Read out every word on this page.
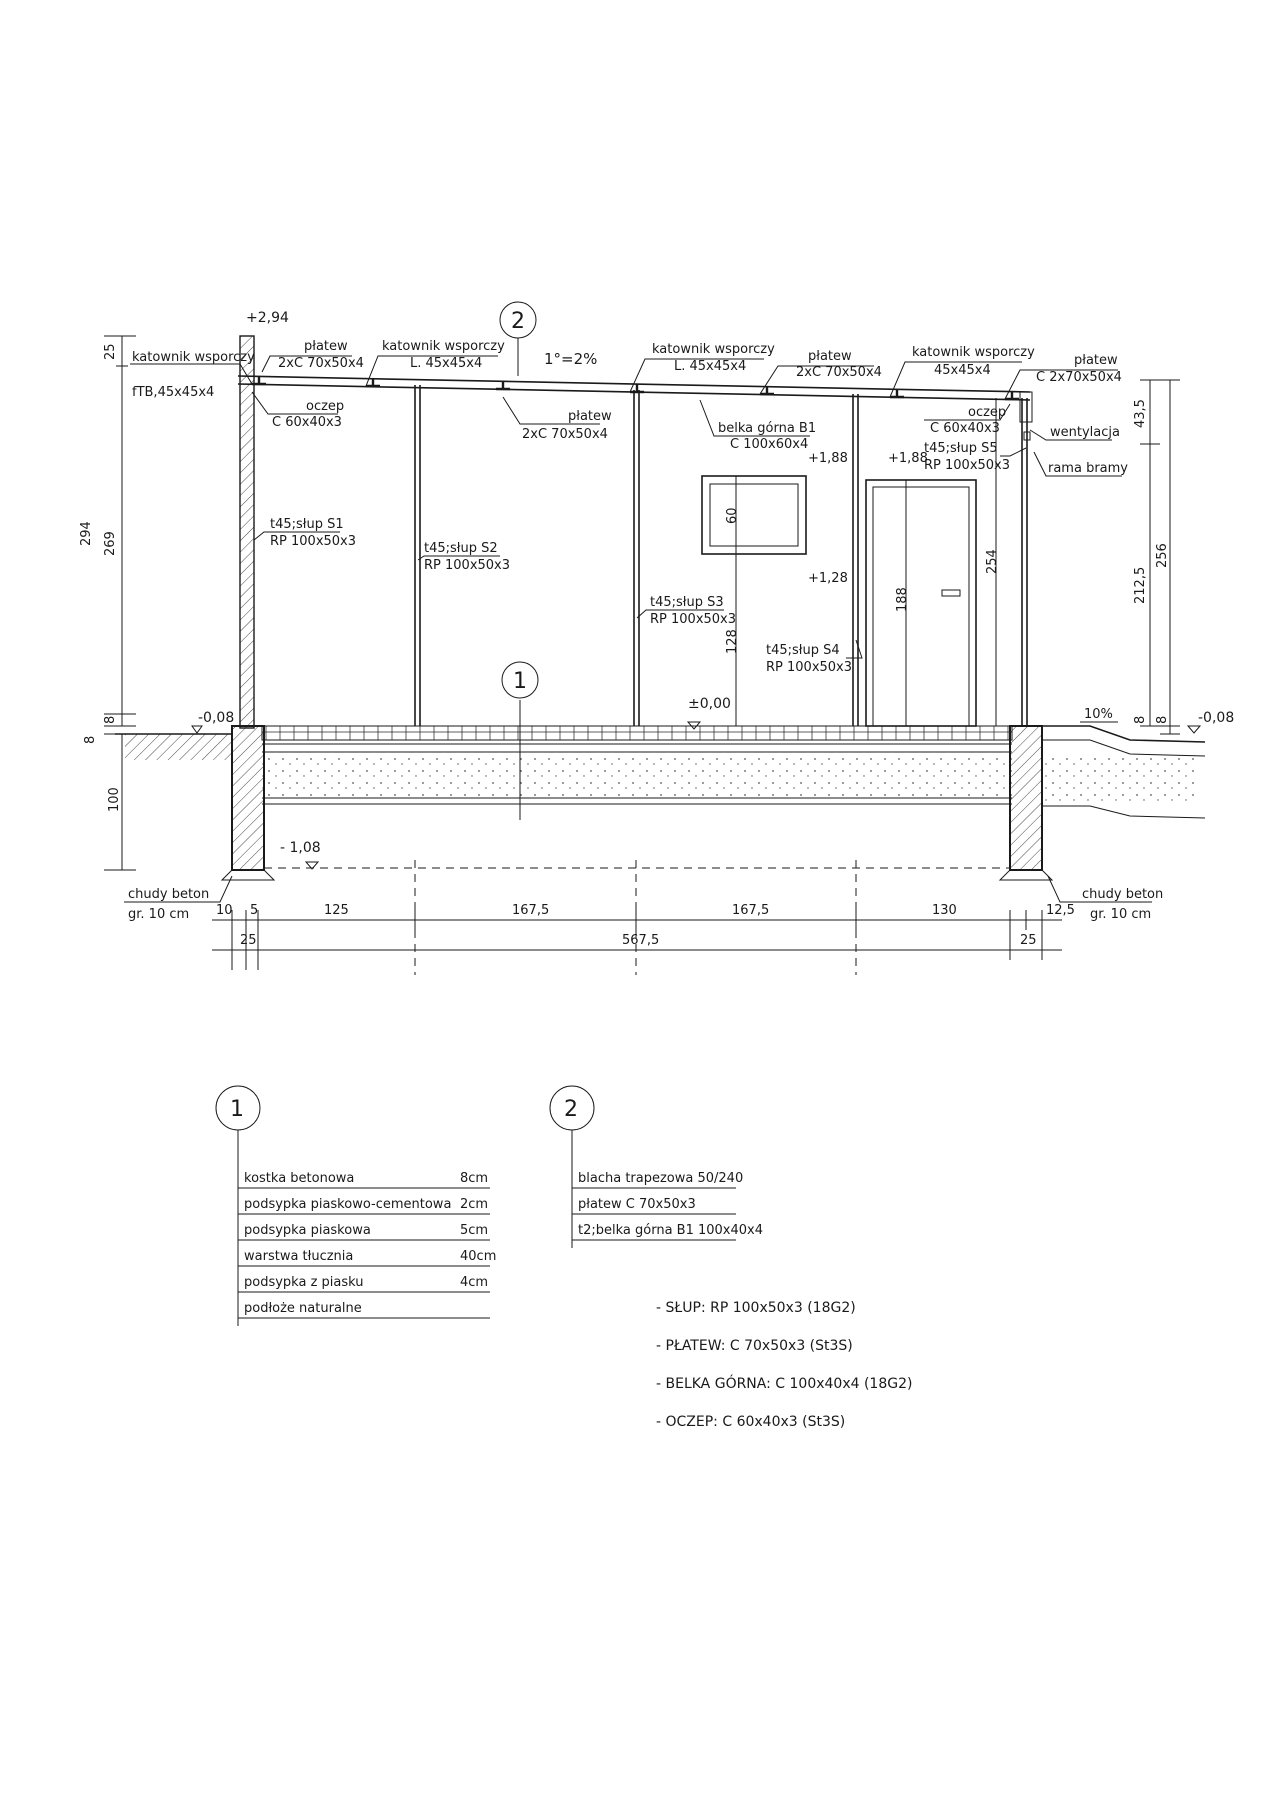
+2,94
-0,08
±0,00
-0,08
- 1,08
+1,88
+1,28
+1,88
2
1
1°=2%
katownik wsporczy
fTB,45x45x4
płatew
2xC 70x50x4
katownik wsporczy
L. 45x45x4
katownik wsporczy
L. 45x45x4
płatew
2xC 70x50x4
katownik wsporczy
45x45x4
płatew
C 2x70x50x4
oczep
C 60x40x3	płatew
2xC 70x50x4	belka górna B1
C 100x60x4
oczep
C 60x40x3	wentylacja
rama bramy
t45;słup S1
RP 100x50x3	t45;słup S2
RP 100x50x3
t45;słup S3
RP 100x50x3
t45;słup S4
RP 100x50x3
t45;słup S5
RP 100x50x3
10%
chudy beton
gr. 10 cm
chudy beton
gr. 10 cm
25
294 269
8
8
100
60
128
188
254
43,5
212,5
256
8 8
10 5	125	167,5	167,5	130	12,5
25	567,5	25
1
kostka betonowa	8cm
podsypka piaskowo-cementowa 2cm
podsypka piaskowa	5cm
warstwa tłucznia	40cm
podsypka z piasku	4cm
podłoże naturalne
2
blacha trapezowa 50/240
płatew C 70x50x3
t2;belka górna B1 100x40x4
- SŁUP: RP 100x50x3 (18G2)
- PŁATEW: C 70x50x3 (St3S)
- BELKA GÓRNA: C 100x40x4 (18G2)
- OCZEP: C 60x40x3 (St3S)
